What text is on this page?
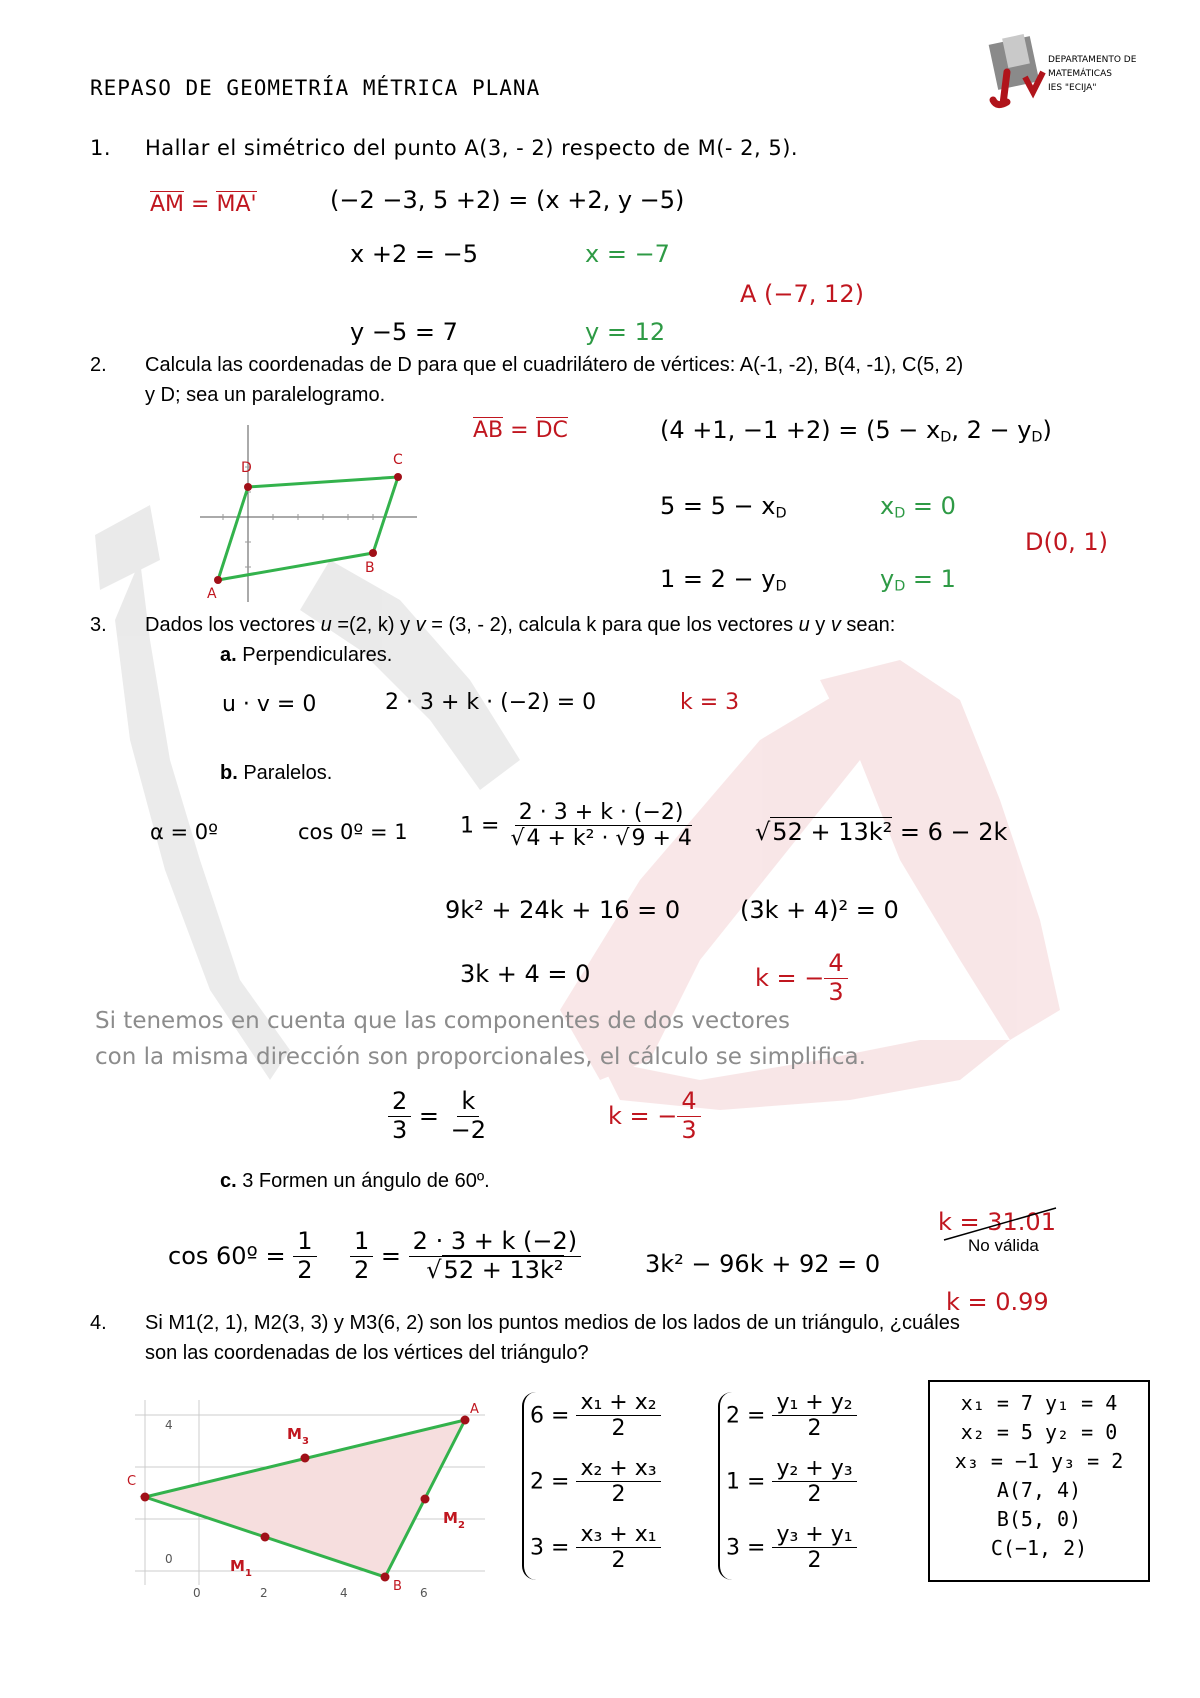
DEPARTAMENTO DE
MATEMÁTICAS
IES "ECIJA"
REPASO DE GEOMETRÍA MÉTRICA PLANA
1. Hallar el simétrico del punto A(3, - 2) respecto de M(- 2, 5).
AM = MA'	(−2 −3, 5 +2) = (x +2, y −5)
x +2 = −5	x = −7
A (−7, 12)
y −5 = 7	y = 12
2. Calcula las coordenadas de D para que el cuadrilátero de vértices: A(-1, -2), B(4, -1), C(5, 2)
y D; sea un paralelogramo.
A
B
C
D
AB = DC	(4 +1, $-1 +2) = (5 - x_D$, $2 - y_D$)
$5 = 5 - x_D$	$x_D = 0$
D(0, 1)
$1 = 2 - y_D$	$y_D = 1$
3. Dados los vectores u =(2, k) y v = (3, - 2), calcula k para que los vectores u y v sean:
a. Perpendiculares.
u · v = 0	2 · 3 + k · (−2) = 0	k = 3
b. Paralelos.
α = 0º	cos 0º = 1 $1 = \frac{2 \cdot 3 + k \cdot (-2)}{\text{√4 + k² · √9 + 4}} √52 + 13k^2 = 6 - 2k$
9k² + 24k + 16 = 0 (3k + 4)² = 0
3k + 4 = 0	k = − $\frac{4}{3}$
Si tenemos en cuenta que las componentes de dos vectores
con la misma dirección son proporcionales, el cálculo se simplifica.
$\frac{2}{3} = \frac{k}{-2}$	k = − $\frac{4}{3}$
c. 3 Formen un ángulo de 60º.
cos 60º = $\frac{1}{2} \frac{1}{2} = \frac{2 \cdot 3 + k (-2)}{\text{√52 + 13k²}}$	3k² − 96k + 92 = 0
k = 31.01
No válida
k = 0.99
4. Si M1(2, 1), M2(3, 3) y M3(6, 2) son los puntos medios de los lados de un triángulo, ¿cuáles
son las coordenadas de los vértices del triángulo?
0	2	4	6
4
0
A
B
C
$M_1$
$M_2$
$M_3$
$6 = \frac{\text{x₁ + x₂}}{2}$
$2 = \frac{\text{x₂ + x₃}}{2}$
$3 = \frac{\text{x₃ + x₁}}{2}$
$2 = \frac{\text{y₁ + y₂}}{2}$
$1 = \frac{\text{y₂ + y₃}}{2}$
$3 = \frac{\text{y₃ + y₁}}{2}$
x₁ = 7 y₁ = 4
x₂ = 5 y₂ = 0
x₃ = −1 y₃ = 2
A(7, 4)
B(5, 0)
C(−1, 2)
